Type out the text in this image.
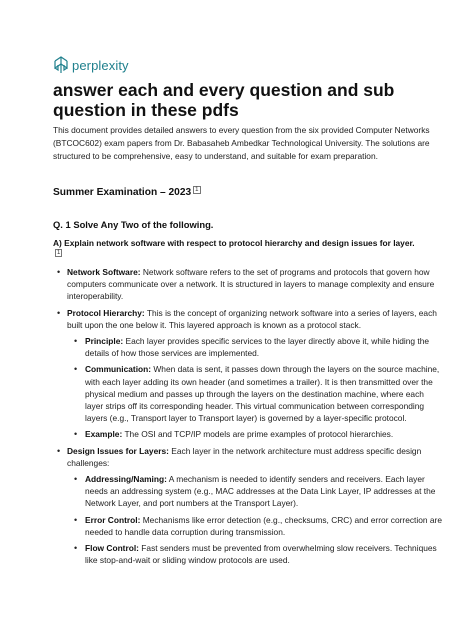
perplexity
answer each and every question and sub question in these pdfs

This document provides detailed answers to every question from the six provided Computer Networks (BTCOC602) exam papers from Dr. Babasaheb Ambedkar Technological University. The solutions are structured to be comprehensive, easy to understand, and suitable for exam preparation.

Summer Examination – 2023 $^1$
Q. 1 Solve Any Two of the following.

A) Explain network software with respect to protocol hierarchy and design issues for layer.
$^1$

• Network Software: Network software refers to the set of programs and protocols that govern how computers communicate over a network. It is structured in layers to manage complexity and ensure interoperability.
• Protocol Hierarchy: This is the concept of organizing network software into a series of layers, each built upon the one below it. This layered approach is known as a protocol stack.
• Principle: Each layer provides specific services to the layer directly above it, while hiding the details of how those services are implemented.
• Communication: When data is sent, it passes down through the layers on the source machine, with each layer adding its own header (and sometimes a trailer). It is then transmitted over the physical medium and passes up through the layers on the destination machine, where each layer strips off its corresponding header. This virtual communication between corresponding layers (e.g., Transport layer to Transport layer) is governed by a layer-specific protocol.
• Example: The OSI and TCP/IP models are prime examples of protocol hierarchies.
• Design Issues for Layers: Each layer in the network architecture must address specific design challenges:
• Addressing/Naming: A mechanism is needed to identify senders and receivers. Each layer needs an addressing system (e.g., MAC addresses at the Data Link Layer, IP addresses at the Network Layer, and port numbers at the Transport Layer).
• Error Control: Mechanisms like error detection (e.g., checksums, CRC) and error correction are needed to handle data corruption during transmission.
• Flow Control: Fast senders must be prevented from overwhelming slow receivers. Techniques like stop-and-wait or sliding window protocols are used.
